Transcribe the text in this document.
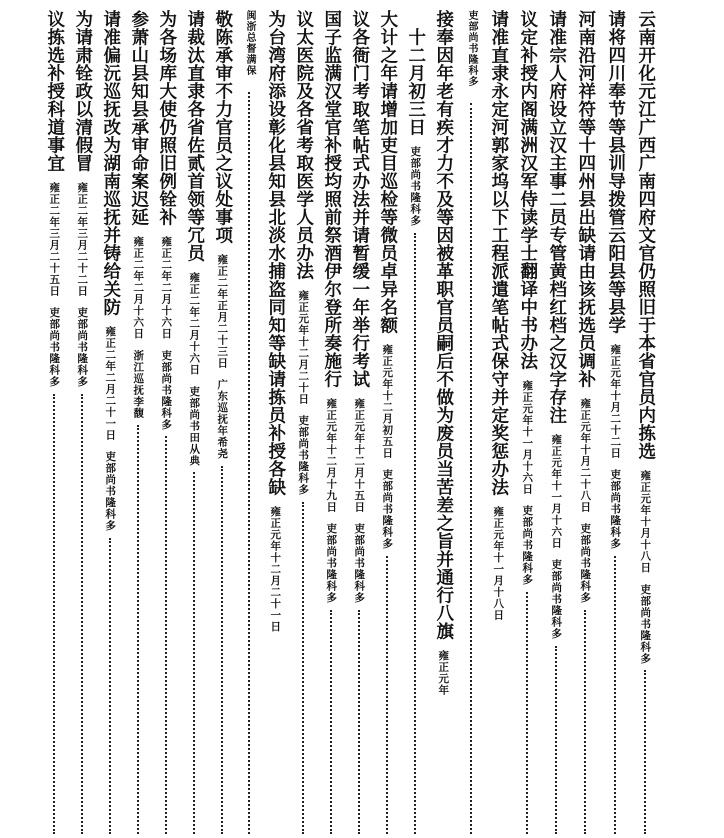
云南开化元江广西广南四府文官仍照旧于本省官员内拣选
雍正元年十月十八日
吏部尚书隆科多
请将四川奉节等县训导拨管云阳县等县学
雍正元年十月二十二日
吏部尚书隆科多
河南沿河祥符等十四州县出缺请由该抚选员调补
雍正元年十月二十八日
吏部尚书隆科多
请准宗人府设立汉主事二员专管黄档红档之汉字存注
雍正元年十一月十六日
吏部尚书隆科多
议定补授内阁满洲汉军侍读学士翻译中书办法
雍正元年十一月十六日
吏部尚书隆科多
请准直隶永定河郭家坞以下工程派遣笔帖式保守并定奖惩办法
雍正元年十一月十八日
吏部尚书隆科多
接奉因年老有疾才力不及等因被革职官员嗣后不做为废员当苦差之旨并通行八旗
雍正元年
十二月初三日
吏部尚书隆科多
大计之年请增加吏目巡检等微员卓异名额
雍正元年十二月初五日
吏部尚书隆科多
议各衙门考取笔帖式办法并请暂缓一年举行考试
雍正元年十二月十五日
吏部尚书隆科多
国子监满汉堂官补授均照前祭酒伊尔登所奏施行
雍正元年十二月十九日
吏部尚书隆科多
议太医院及各省考取医学人员办法
雍正元年十二月二十日
吏部尚书隆科多
为台湾府添设彰化县知县北淡水捕盗同知等缺请拣员补授各缺
雍正元年十二月二十一日
闽浙总督满保
敬陈承审不力官员之议处事项
雍正二年正月二十三日
广东巡抚年希尧
请裁汰直隶各省佐贰首领等冗员
雍正二年二月十六日
吏部尚书田从典
为各场库大使仍照旧例铨补
雍正二年二月十六日
吏部尚书隆科多
参萧山县知县承审命案迟延
雍正二年二月十六日
浙江巡抚李馥
请准偏沅巡抚改为湖南巡抚并铸给关防
雍正二年二月二十一日
吏部尚书隆科多
为请肃铨政以清假冒
雍正二年三月二十二日
吏部尚书隆科多
议拣选补授科道事宜
雍正二年三月二十五日
吏部尚书隆科多
